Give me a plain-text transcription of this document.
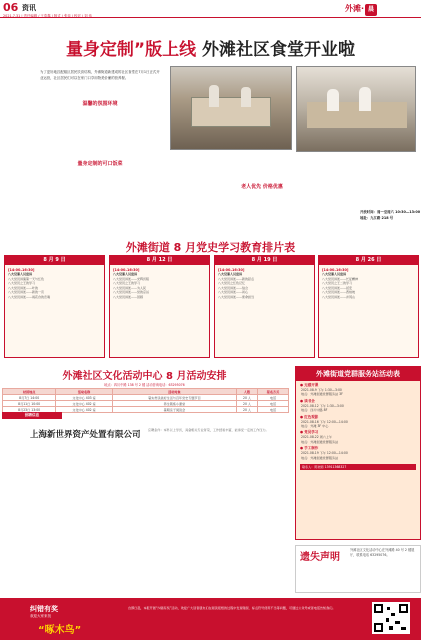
06 资讯
2021.7.31 | 责任编辑 / 王泰鑫 | 版式 / 张蕊 | 校对 / 刘 伟
外滩· 晨
量身定制”版上线 外滩社区食堂开业啦
为了更好地匹配辖区居民饮食结构，外滩街道新建成的社区食堂在7月1日正式开业运营，社区居民们可以在家门口享用物美价廉的营养餐。
温馨的氛围环境
量身定制的可口饭菜
老人优先 价格优惠
开放时间：周一至周六 10:30—13:00
地址：九江路 218 号
外滩街道 8 月党史学习教育排片表
8 月 9 日
[14:00–16:30]
八大党课人员宣讲
八大党员讲演第一天与红色
八大党员之王的学习
八大党员讲述——叶的
八大党员讲述——新的一页
八大党员讲述——雨花台的忠魂
8 月 12 日
[14:00–16:30]
八大党课人员宣讲
八大党员讲述——光辉历程
八大党员之王的学习
八大党员讲述——为人民
八大党员讲述——党的宗旨
八大党员讲述——回顾
8 月 19 日
[14:00–16:30]
八大党课人员宣讲
八大党员讲述——新的起点
八大党员之红色记忆
八大党员讲述——信念
八大党员讲述——初心
八大党员讲述——使命担当
8 月 26 日
[14:00–16:30]
八大党课人员宣讲
八大党员讲述——长征精神
八大党员之王二的学习
八大党员讲述——延安
八大党员讲述——西柏坡
八大党员讲述——井冈山
外滩社区文化活动中心 8 月活动安排
地点：四川中路 138 号 2 楼 活动咨询电话：63295076
时间地点	活动名称	活动对象	人数	报名方式
8月7日 14:00	文化中心 403 室	暑实赏读美好生活与百年党史专题节目	20 人	电话
8月11日 10:00	文化中心 402 室	养生锻炼小课堂	20 人	电话
8月23日 13:00	文化中心 402 室	暑期亲子阅读会	20 人	电话
招聘信息
上海新世界资产处置有限公司 应聘条件：本科以上学历，具备相关专业背景，工作经验丰富，能承受一定的工作压力。
外滩街道党群服务站活动表
● 无感开课
2021.08.9 下午 1:30—3:00
地点：外滩街道党群服务站 3F
● 读书会
2021.08.12 下午 1:30—3:00
地点：四川中路 8F
● 红色观影
2021.08.16 下午 12:00—14:00
地点：外滩 3F 中心
● 党员学习
2021.08.22 周六上午
地点：外滩街道党群服务站
● 手工制作
2021.08.19 下午 12:00—14:00
地点：外滩街道党群服务站
联系人：陈老师 13911368327
遗失声明
外滩社区文化活动中心在外滩路 40 号 2 楼展厅，联系电话 63295076。
纠错有奖
欢迎大家来找
“啄木鸟”
自即日起，本报开展“纠错有奖”活动，欢迎广大读者朋友们在阅读报纸的过程中发现错误、标点符号使用不当等问题，可通过公众号或者电话告知我们。
